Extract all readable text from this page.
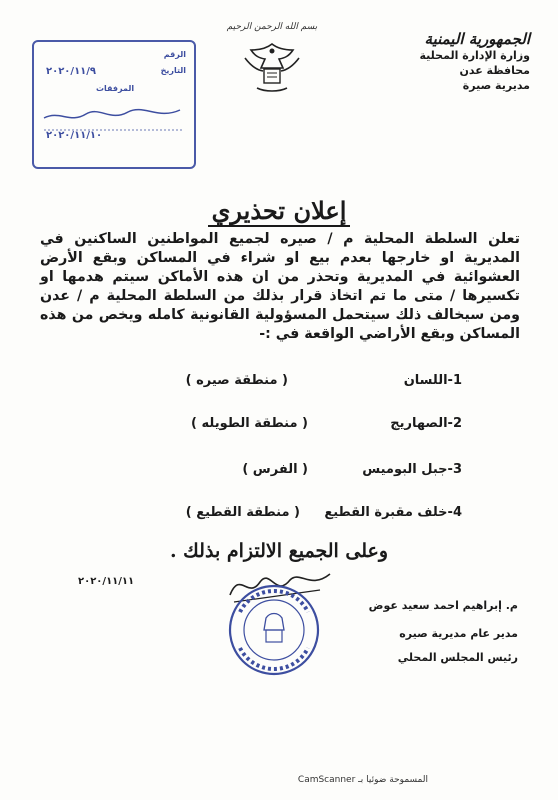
الجمهورية اليمنية
وزارة الإدارة المحلية
محافظة عدن
مديرية صيرة
بسم الله الرحمن الرحيم
الرقم
التاريخ
٢٠٢٠/١١/٩
المرفقات
٢٠٢٠/١١/١٠
إعلان تحذيري
تعلن السلطة المحلية م / صيره لجميع المواطنين الساكنين في المديرية او خارجها بعدم بيع او شراء في المساكن وبقع الأرض العشوائية في المديرية وتحذر من ان هذه الأماكن سيتم هدمها او تكسيرها / متى ما تم اتخاذ قرار بذلك من السلطة المحلية م / عدن ومن سيخالف ذلك سيتحمل المسؤولية القانونية كامله ويخص من هذه المساكن وبقع الأراضي الواقعة في :-
1-اللسان
( منطقة صيره )
2-الصهاريج
( منطقة الطويله )
3-جبل البوميس
( الفرس )
4-خلف مقبرة القطيع
( منطقة القطيع )
وعلى الجميع الالتزام بذلك .
٢٠٢٠/١١/١١
م. إبراهيم احمد سعيد عوض
مدير عام مديرية صيره
رئيس المجلس المحلي
المسموحة ضوئيا بـ CamScanner
